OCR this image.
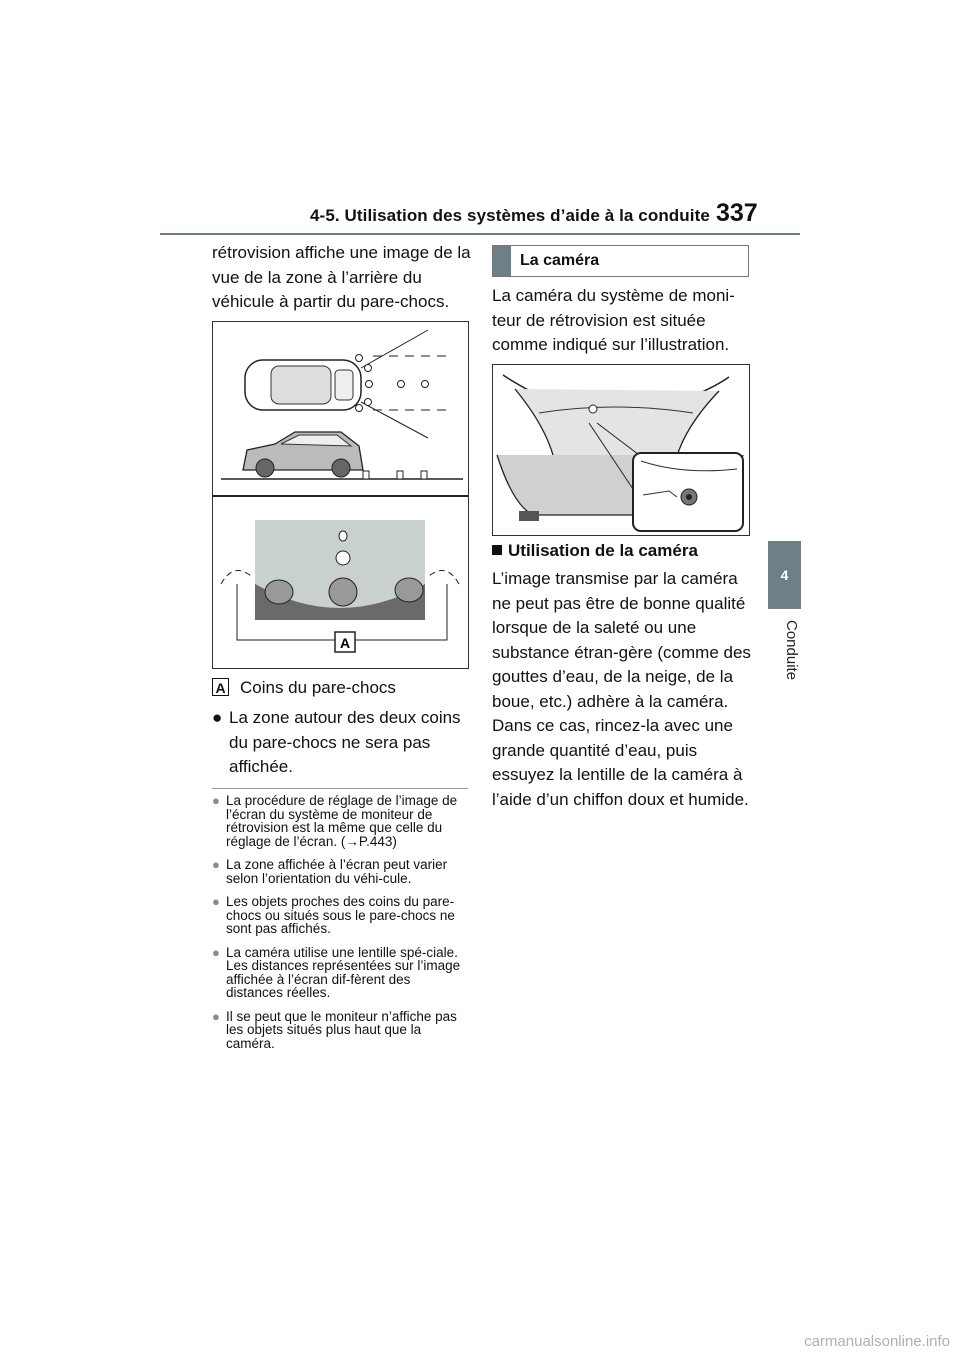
4-5. Utilisation des systèmes d’aide à la conduite 337
4
Conduite
rétrovision affiche une image de la vue de la zone à l’arrière du véhicule à partir du pare-chocs.
A
A Coins du pare-chocs
● La zone autour des deux coins du pare-chocs ne sera pas affichée.
● La procédure de réglage de l’image de l’écran du système de moniteur de rétrovision est la même que celle du réglage de l’écran. (→P.443)
● La zone affichée à l’écran peut varier selon l’orientation du véhi-cule.
● Les objets proches des coins du pare-chocs ou situés sous le pare-chocs ne sont pas affichés.
● La caméra utilise une lentille spé-ciale. Les distances représentées sur l’image affichée à l’écran dif-fèrent des distances réelles.
● Il se peut que le moniteur n’affiche pas les objets situés plus haut que la caméra.
La caméra
La caméra du système de moni-teur de rétrovision est située comme indiqué sur l’illustration.
Utilisation de la caméra
L’image transmise par la caméra ne peut pas être de bonne qualité lorsque de la saleté ou une substance étran-gère (comme des gouttes d’eau, de la neige, de la boue, etc.) adhère à la caméra. Dans ce cas, rincez-la avec une grande quantité d’eau, puis essuyez la lentille de la caméra à l’aide d’un chiffon doux et humide.
carmanualsonline.info
